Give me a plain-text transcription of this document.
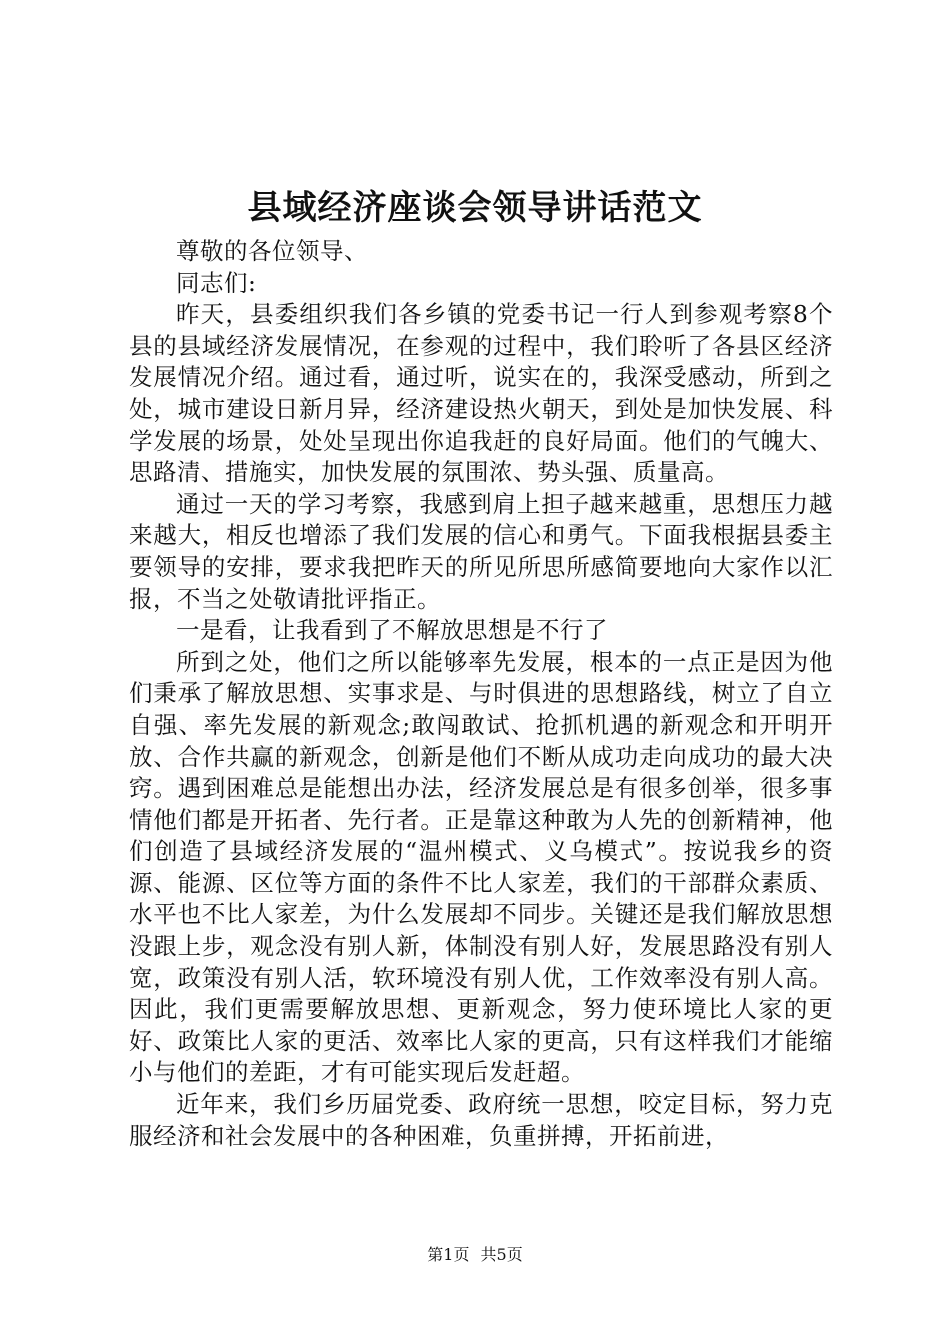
县域经济座谈会领导讲话范文

尊敬的各位领导、

同志们:

昨天，县委组织我们各乡镇的党委书记一行人到参观考察8个县的县域经济发展情况，在参观的过程中，我们聆听了各县区经济发展情况介绍。通过看，通过听，说实在的，我深受感动，所到之处，城市建设日新月异，经济建设热火朝天，到处是加快发展、科学发展的场景，处处呈现出你追我赶的良好局面。他们的气魄大、思路清、措施实，加快发展的氛围浓、势头强、质量高。

通过一天的学习考察，我感到肩上担子越来越重，思想压力越来越大，相反也增添了我们发展的信心和勇气。下面我根据县委主要领导的安排，要求我把昨天的所见所思所感简要地向大家作以汇报，不当之处敬请批评指正。

一是看，让我看到了不解放思想是不行了

所到之处，他们之所以能够率先发展，根本的一点正是因为他们秉承了解放思想、实事求是、与时俱进的思想路线，树立了自立自强、率先发展的新观念;敢闯敢试、抢抓机遇的新观念和开明开放、合作共赢的新观念，创新是他们不断从成功走向成功的最大决窍。遇到困难总是能想出办法，经济发展总是有很多创举，很多事情他们都是开拓者、先行者。正是靠这种敢为人先的创新精神，他们创造了县域经济发展的“温州模式、义乌模式”。按说我乡的资源、能源、区位等方面的条件不比人家差，我们的干部群众素质、水平也不比人家差，为什么发展却不同步。关键还是我们解放思想没跟上步，观念没有别人新，体制没有别人好，发展思路没有别人宽，政策没有别人活，软环境没有别人优，工作效率没有别人高。因此，我们更需要解放思想、更新观念，努力使环境比人家的更好、政策比人家的更活、效率比人家的更高，只有这样我们才能缩小与他们的差距，才有可能实现后发赶超。

近年来，我们乡历届党委、政府统一思想，咬定目标，努力克服经济和社会发展中的各种困难，负重拼搏，开拓前进，

第1页 共5页
